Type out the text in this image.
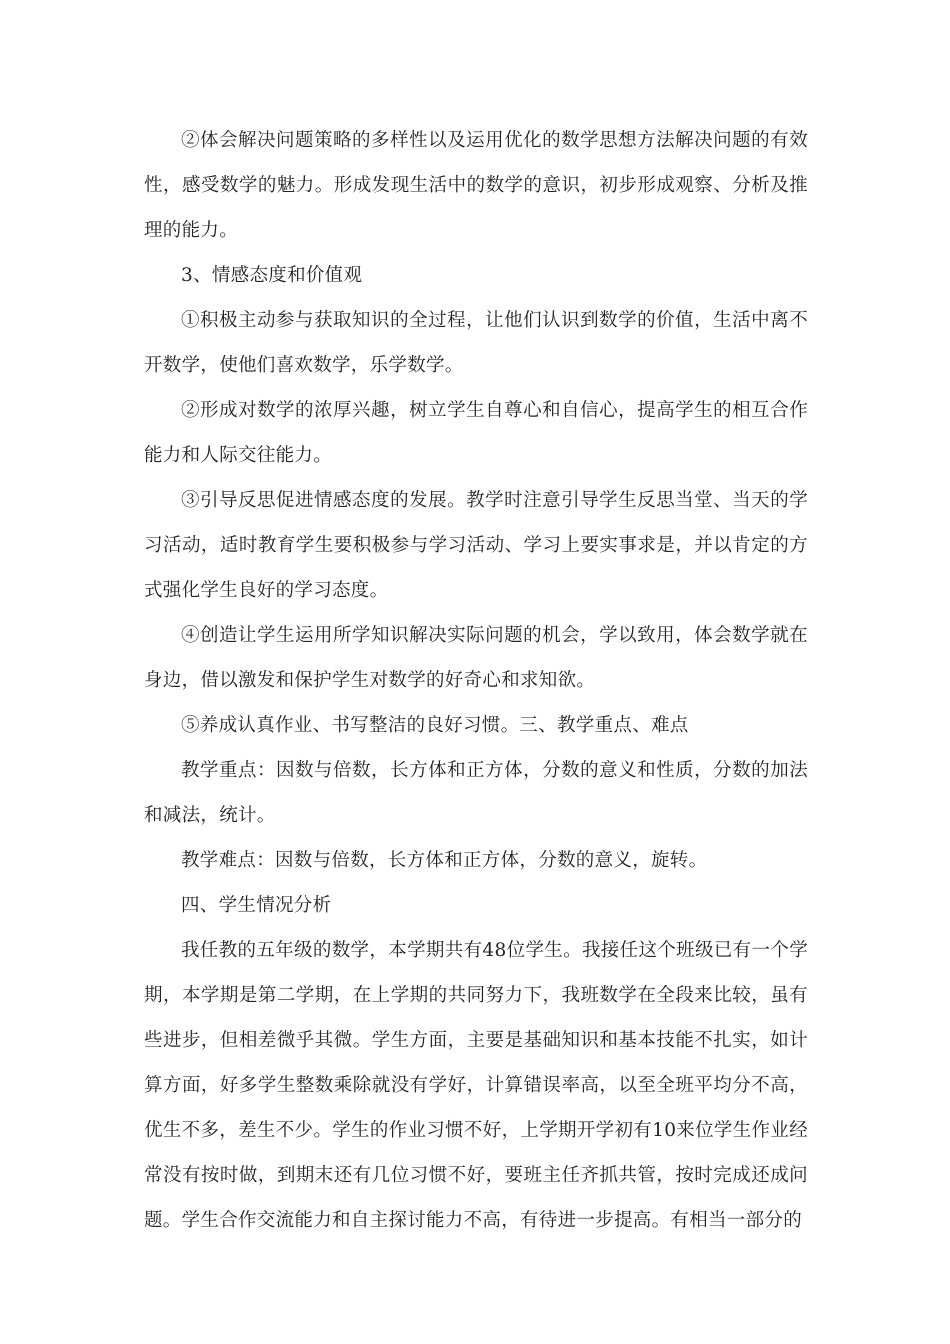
②体会解决问题策略的多样性以及运用优化的数学思想方法解决问题的有效性，感受数学的魅力。形成发现生活中的数学的意识，初步形成观察、分析及推理的能力。

3、情感态度和价值观

①积极主动参与获取知识的全过程，让他们认识到数学的价值，生活中离不开数学，使他们喜欢数学，乐学数学。

②形成对数学的浓厚兴趣，树立学生自尊心和自信心，提高学生的相互合作能力和人际交往能力。

③引导反思促进情感态度的发展。教学时注意引导学生反思当堂、当天的学习活动，适时教育学生要积极参与学习活动、学习上要实事求是，并以肯定的方式强化学生良好的学习态度。

④创造让学生运用所学知识解决实际问题的机会，学以致用，体会数学就在身边，借以激发和保护学生对数学的好奇心和求知欲。

⑤养成认真作业、书写整洁的良好习惯。三、教学重点、难点

教学重点：因数与倍数，长方体和正方体，分数的意义和性质，分数的加法和减法，统计。

教学难点：因数与倍数，长方体和正方体，分数的意义，旋转。

四、学生情况分析

我任教的五年级的数学，本学期共有48位学生。我接任这个班级已有一个学期，本学期是第二学期，在上学期的共同努力下，我班数学在全段来比较，虽有些进步，但相差微乎其微。学生方面，主要是基础知识和基本技能不扎实，如计算方面，好多学生整数乘除就没有学好，计算错误率高，以至全班平均分不高，优生不多，差生不少。学生的作业习惯不好，上学期开学初有10来位学生作业经常没有按时做，到期末还有几位习惯不好，要班主任齐抓共管，按时完成还成问题。学生合作交流能力和自主探讨能力不高，有待进一步提高。有相当一部分的
